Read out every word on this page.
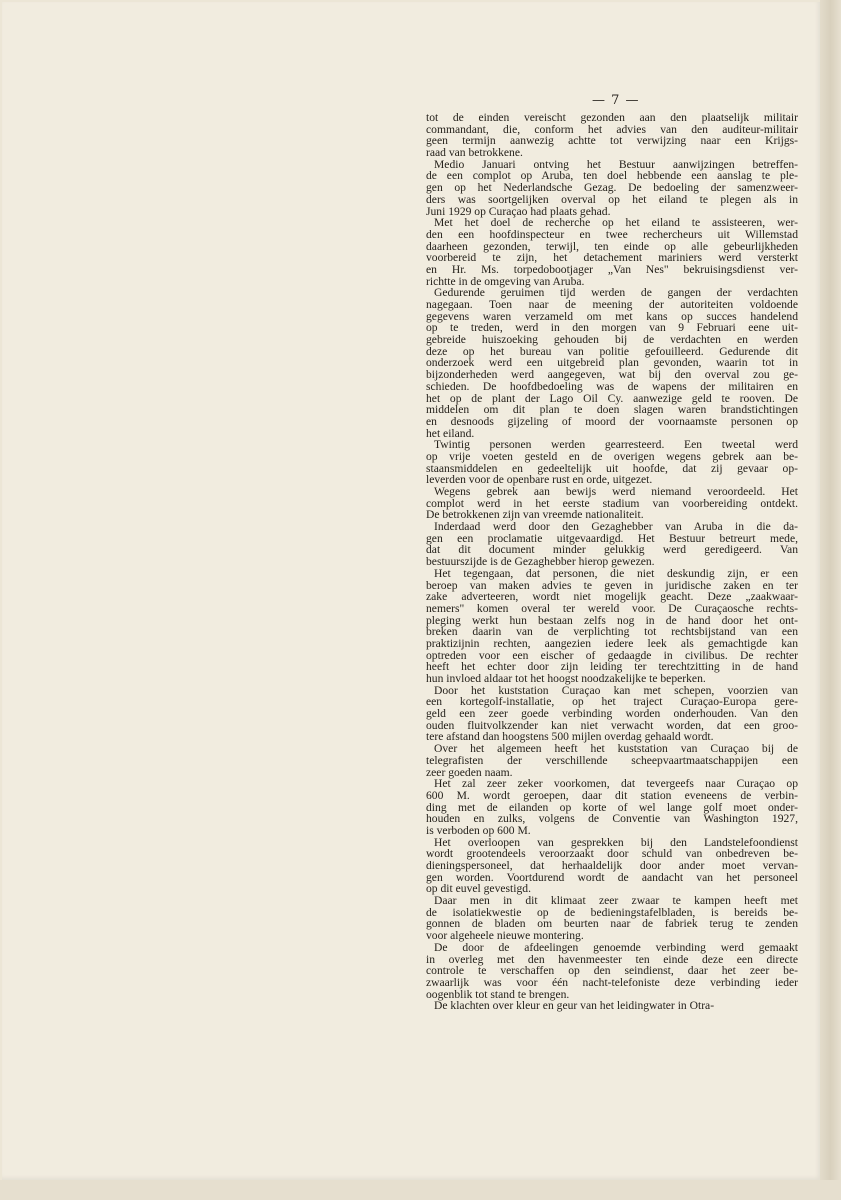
— 7 —

tot de einden vereischt gezonden aan den plaatselijk militair

commandant, die, conform het advies van den auditeur-militair

geen termijn aanwezig achtte tot verwijzing naar een Krijgs-

raad van betrokkene.

Medio Januari ontving het Bestuur aanwijzingen betreffen-

de een complot op Aruba, ten doel hebbende een aanslag te ple-

gen op het Nederlandsche Gezag. De bedoeling der samenzweer-

ders was soortgelijken overval op het eiland te plegen als in

Juni 1929 op Curaçao had plaats gehad.

Met het doel de recherche op het eiland te assisteeren, wer-

den een hoofdinspecteur en twee rechercheurs uit Willemstad

daarheen gezonden, terwijl, ten einde op alle gebeurlijkheden

voorbereid te zijn, het detachement mariniers werd versterkt

en Hr. Ms. torpedobootjager „Van Nes" bekruisingsdienst ver-

richtte in de omgeving van Aruba.

Gedurende geruimen tijd werden de gangen der verdachten

nagegaan. Toen naar de meening der autoriteiten voldoende

gegevens waren verzameld om met kans op succes handelend

op te treden, werd in den morgen van 9 Februari eene uit-

gebreide huiszoeking gehouden bij de verdachten en werden

deze op het bureau van politie gefouilleerd. Gedurende dit

onderzoek werd een uitgebreid plan gevonden, waarin tot in

bijzonderheden werd aangegeven, wat bij den overval zou ge-

schieden. De hoofdbedoeling was de wapens der militairen en

het op de plant der Lago Oil Cy. aanwezige geld te rooven. De

middelen om dit plan te doen slagen waren brandstichtingen

en desnoods gijzeling of moord der voornaamste personen op

het eiland.

Twintig personen werden gearresteerd. Een tweetal werd

op vrije voeten gesteld en de overigen wegens gebrek aan be-

staansmiddelen en gedeeltelijk uit hoofde, dat zij gevaar op-

leverden voor de openbare rust en orde, uitgezet.

Wegens gebrek aan bewijs werd niemand veroordeeld. Het

complot werd in het eerste stadium van voorbereiding ontdekt.

De betrokkenen zijn van vreemde nationaliteit.

Inderdaad werd door den Gezaghebber van Aruba in die da-

gen een proclamatie uitgevaardigd. Het Bestuur betreurt mede,

dat dit document minder gelukkig werd geredigeerd. Van

bestuurszijde is de Gezaghebber hierop gewezen.

Het tegengaan, dat personen, die niet deskundig zijn, er een

beroep van maken advies te geven in juridische zaken en ter

zake adverteeren, wordt niet mogelijk geacht. Deze „zaakwaar-

nemers" komen overal ter wereld voor. De Curaçaosche rechts-

pleging werkt hun bestaan zelfs nog in de hand door het ont-

breken daarin van de verplichting tot rechtsbijstand van een

praktizijnin rechten, aangezien iedere leek als gemachtigde kan

optreden voor een eischer of gedaagde in civilibus. De rechter

heeft het echter door zijn leiding ter terechtzitting in de hand

hun invloed aldaar tot het hoogst noodzakelijke te beperken.

Door het kuststation Curaçao kan met schepen, voorzien van

een kortegolf-installatie, op het traject Curaçao-Europa gere-

geld een zeer goede verbinding worden onderhouden. Van den

ouden fluitvolkzender kan niet verwacht worden, dat een groo-

tere afstand dan hoogstens 500 mijlen overdag gehaald wordt.

Over het algemeen heeft het kuststation van Curaçao bij de

telegrafisten der verschillende scheepvaartmaatschappijen een

zeer goeden naam.

Het zal zeer zeker voorkomen, dat tevergeefs naar Curaçao op

600 M. wordt geroepen, daar dit station eveneens de verbin-

ding met de eilanden op korte of wel lange golf moet onder-

houden en zulks, volgens de Conventie van Washington 1927,

is verboden op 600 M.

Het overloopen van gesprekken bij den Landstelefoondienst

wordt grootendeels veroorzaakt door schuld van onbedreven be-

dieningspersoneel, dat herhaaldelijk door ander moet vervan-

gen worden. Voortdurend wordt de aandacht van het personeel

op dit euvel gevestigd.

Daar men in dit klimaat zeer zwaar te kampen heeft met

de isolatiekwestie op de bedieningstafelbladen, is bereids be-

gonnen de bladen om beurten naar de fabriek terug te zenden

voor algeheele nieuwe montering.

De door de afdeelingen genoemde verbinding werd gemaakt

in overleg met den havenmeester ten einde deze een directe

controle te verschaffen op den seindienst, daar het zeer be-

zwaarlijk was voor één nacht-telefoniste deze verbinding ieder

oogenblik tot stand te brengen.

De klachten over kleur en geur van het leidingwater in Otra-
